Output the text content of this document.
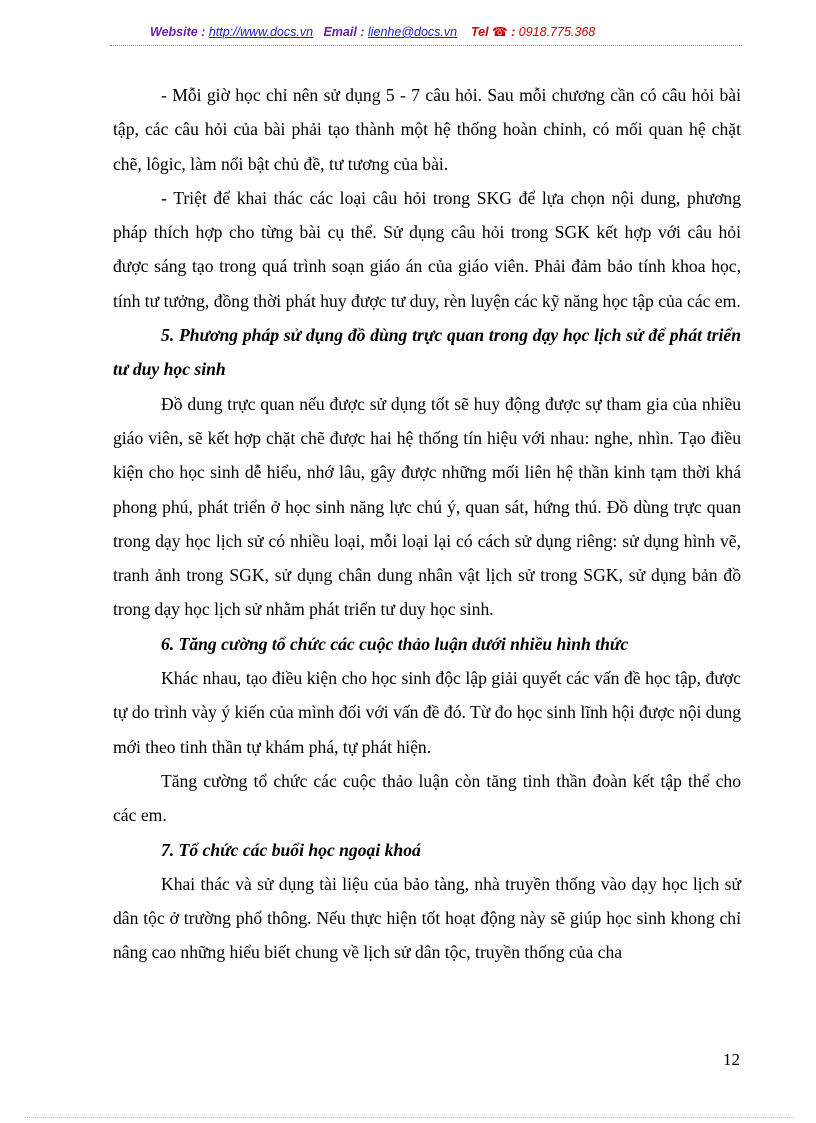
Website : http://www.docs.vn Email : lienhe@docs.vn Tel ☎ : 0918.775.368

- Mỗi giờ học chỉ nên sử dụng 5 - 7 câu hỏi. Sau mỗi chương cần có câu hỏi bài tập, các câu hỏi của bài phải tạo thành một hệ thống hoàn chỉnh, có mối quan hệ chặt chẽ, lôgic, làm nổi bật chủ đề, tư tương của bài.

- Triệt để khai thác các loại câu hỏi trong SKG để lựa chọn nội dung, phương pháp thích hợp cho từng bài cụ thể. Sử dụng câu hỏi trong SGK kết hợp với câu hỏi được sáng tạo trong quá trình soạn giáo án của giáo viên. Phải đảm bảo tính khoa học, tính tư tưởng, đồng thời phát huy được tư duy, rèn luyện các kỹ năng học tập của các em.

5. Phương pháp sử dụng đồ dùng trực quan trong dạy học lịch sử để phát triển tư duy học sinh

Đồ dung trực quan nếu được sử dụng tốt sẽ huy động được sự tham gia của nhiều giáo viên, sẽ kết hợp chặt chẽ được hai hệ thống tín hiệu với nhau: nghe, nhìn. Tạo điều kiện cho học sinh dễ hiểu, nhớ lâu, gây được những mối liên hệ thần kinh tạm thời khá phong phú, phát triển ở học sinh năng lực chú ý, quan sát, hứng thú. Đồ dùng trực quan trong dạy học lịch sử có nhiều loại, mỗi loại lại có cách sử dụng riêng: sử dụng hình vẽ, tranh ảnh trong SGK, sử dụng chân dung nhân vật lịch sử trong SGK, sử dụng bản đồ trong dạy học lịch sử nhằm phát triển tư duy học sinh.

6. Tăng cường tổ chức các cuộc thảo luận dưới nhiều hình thức

Khác nhau, tạo điều kiện cho học sinh độc lập giải quyết các vấn đề học tập, được tự do trình vày ý kiến của mình đối với vấn đề đó. Từ đo học sinh lĩnh hội được nội dung mới theo tinh thần tự khám phá, tự phát hiện.

Tăng cường tổ chức các cuộc thảo luận còn tăng tinh thần đoàn kết tập thể cho các em.

7. Tổ chức các buổi học ngoại khoá

Khai thác và sử dụng tài liệu của bảo tàng, nhà truyền thống vào dạy học lịch sử dân tộc ở trường phổ thông. Nếu thực hiện tốt hoạt động này sẽ giúp học sinh khong chỉ nâng cao những hiểu biết chung về lịch sử dân tộc, truyền thống của cha

12
